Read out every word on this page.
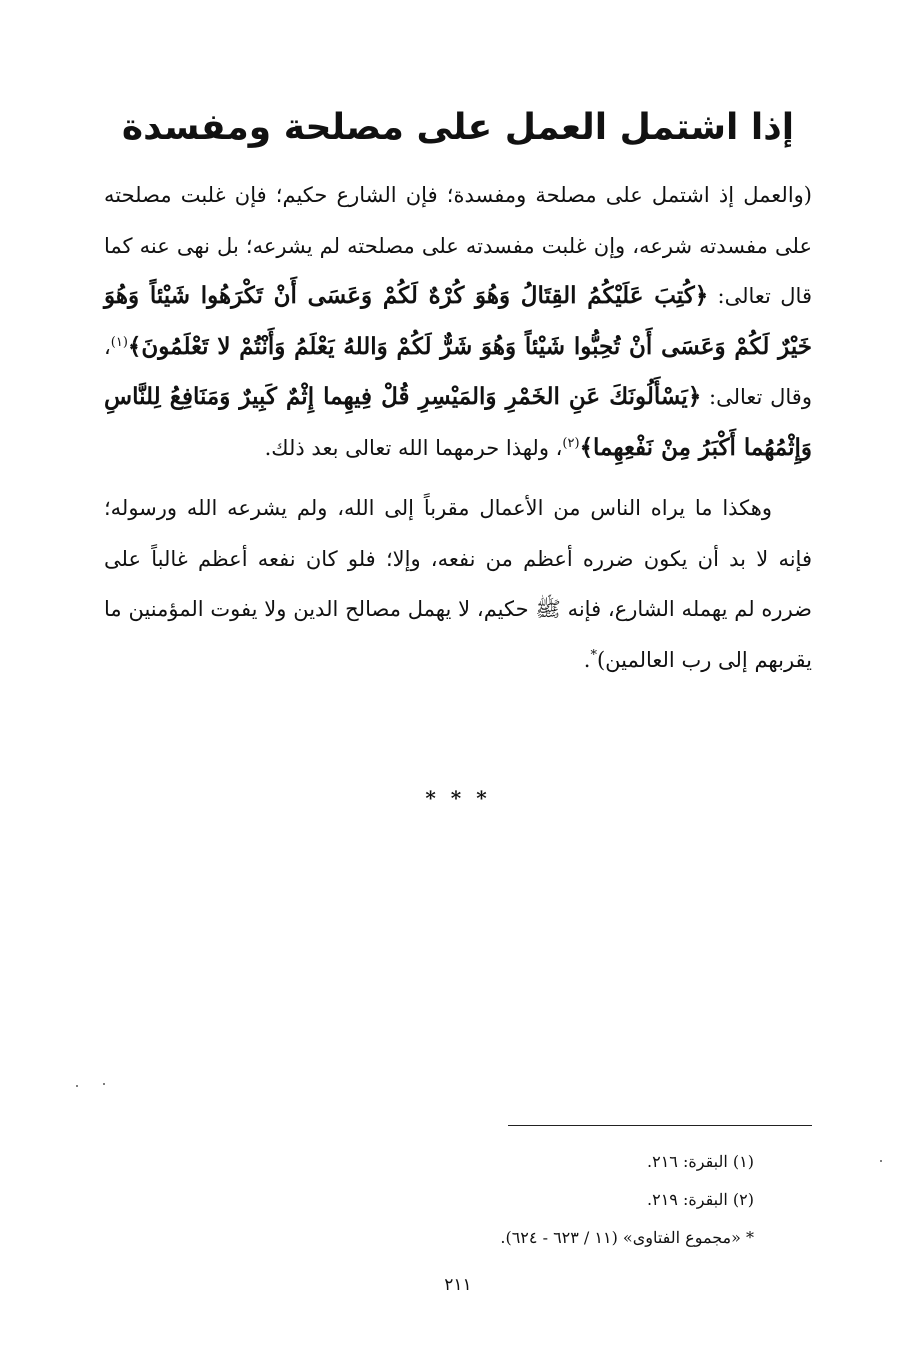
إذا اشتمل العمل على مصلحة ومفسدة

(والعمل إذ اشتمل على مصلحة ومفسدة؛ فإن الشارع حكيم؛ فإن غلبت مصلحته على مفسدته شرعه، وإن غلبت مفسدته على مصلحته لم يشرعه؛ بل نهى عنه كما قال تعالى: ﴿كُتِبَ عَلَيْكُمُ القِتَالُ وَهُوَ كُرْهٌ لَكُمْ وَعَسَى أَنْ تَكْرَهُوا شَيْئاً وَهُوَ خَيْرٌ لَكُمْ وَعَسَى أَنْ تُحِبُّوا شَيْئاً وَهُوَ شَرٌّ لَكُمْ وَاللهُ يَعْلَمُ وَأَنْتُمْ لا تَعْلَمُونَ﴾$^{(١)}$، وقال تعالى: ﴿يَسْأَلُونَكَ عَنِ الخَمْرِ وَالمَيْسِرِ قُلْ فِيهِما إِثْمٌ كَبِيرٌ وَمَنَافِعُ لِلنَّاسِ وَإِثْمُهُما أَكْبَرُ مِنْ نَفْعِهِما﴾$^{(٢)}$، ولهذا حرمهما الله تعالى بعد ذلك.

وهكذا ما يراه الناس من الأعمال مقرباً إلى الله، ولم يشرعه الله ورسوله؛ فإنه لا بد أن يكون ضرره أعظم من نفعه، وإلا؛ فلو كان نفعه أعظم غالباً على ضرره لم يهمله الشارع، فإنه ﷺ حكيم، لا يهمل مصالح الدين ولا يفوت المؤمنين ما يقربهم إلى رب العالمين)*.

* * *

(١) البقرة: ٢١٦.

(٢) البقرة: ٢١٩.

* «مجموع الفتاوى» (١١ / ٦٢٣ - ٦٢٤).

٢١١
